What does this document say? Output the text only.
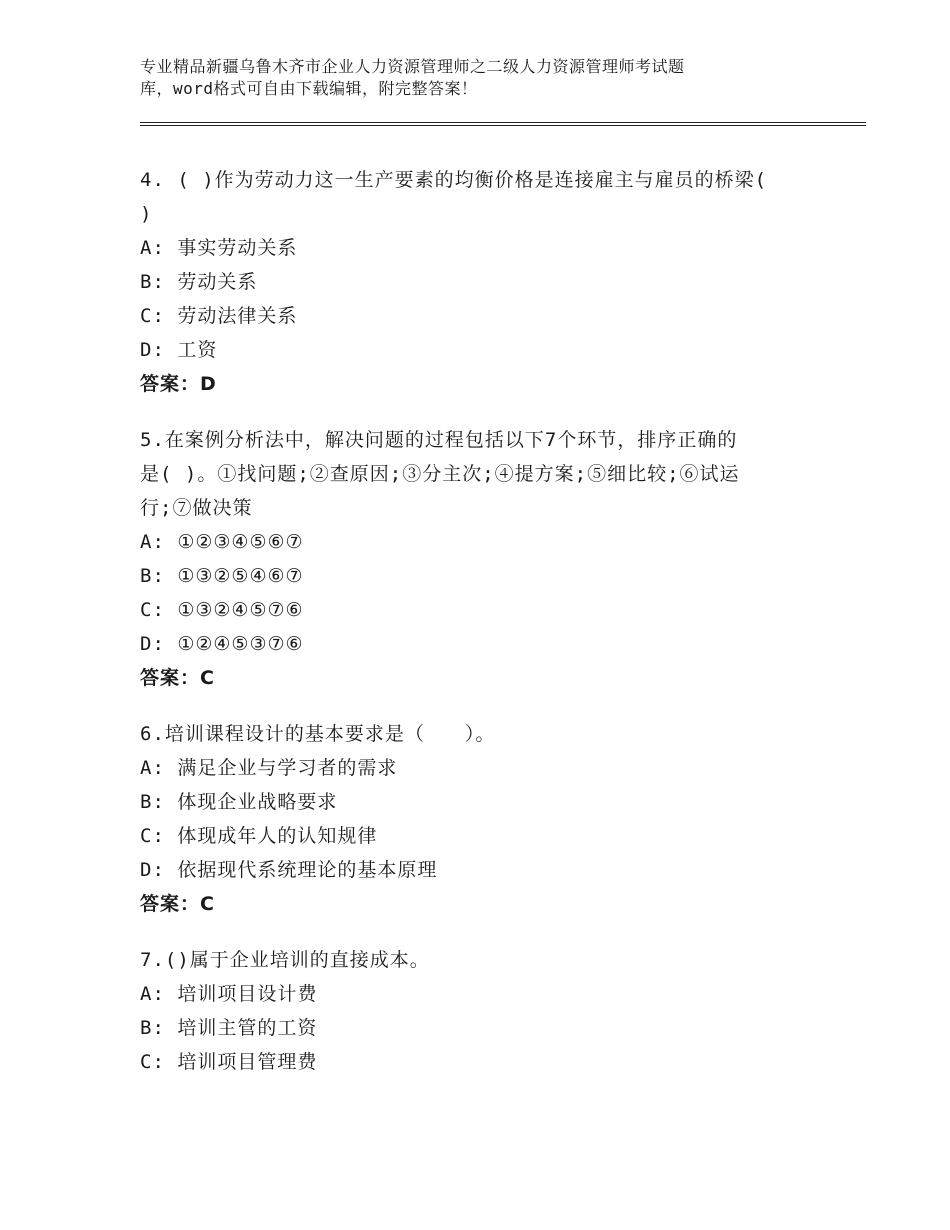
专业精品新疆乌鲁木齐市企业人力资源管理师之二级人力资源管理师考试题
库，word格式可自由下载编辑，附完整答案！
4. ( )作为劳动力这一生产要素的均衡价格是连接雇主与雇员的桥梁(
)
A: 事实劳动关系
B: 劳动关系
C: 劳动法律关系
D: 工资
答案：D
5.在案例分析法中，解决问题的过程包括以下7个环节，排序正确的
是( )。①找问题;②查原因;③分主次;④提方案;⑤细比较;⑥试运
行;⑦做决策
A: ①②③④⑤⑥⑦
B: ①③②⑤④⑥⑦
C: ①③②④⑤⑦⑥
D: ①②④⑤③⑦⑥
答案：C
6.培训课程设计的基本要求是（　　）。
A: 满足企业与学习者的需求
B: 体现企业战略要求
C: 体现成年人的认知规律
D: 依据现代系统理论的基本原理
答案：C
7.()属于企业培训的直接成本。
A: 培训项目设计费
B: 培训主管的工资
C: 培训项目管理费
